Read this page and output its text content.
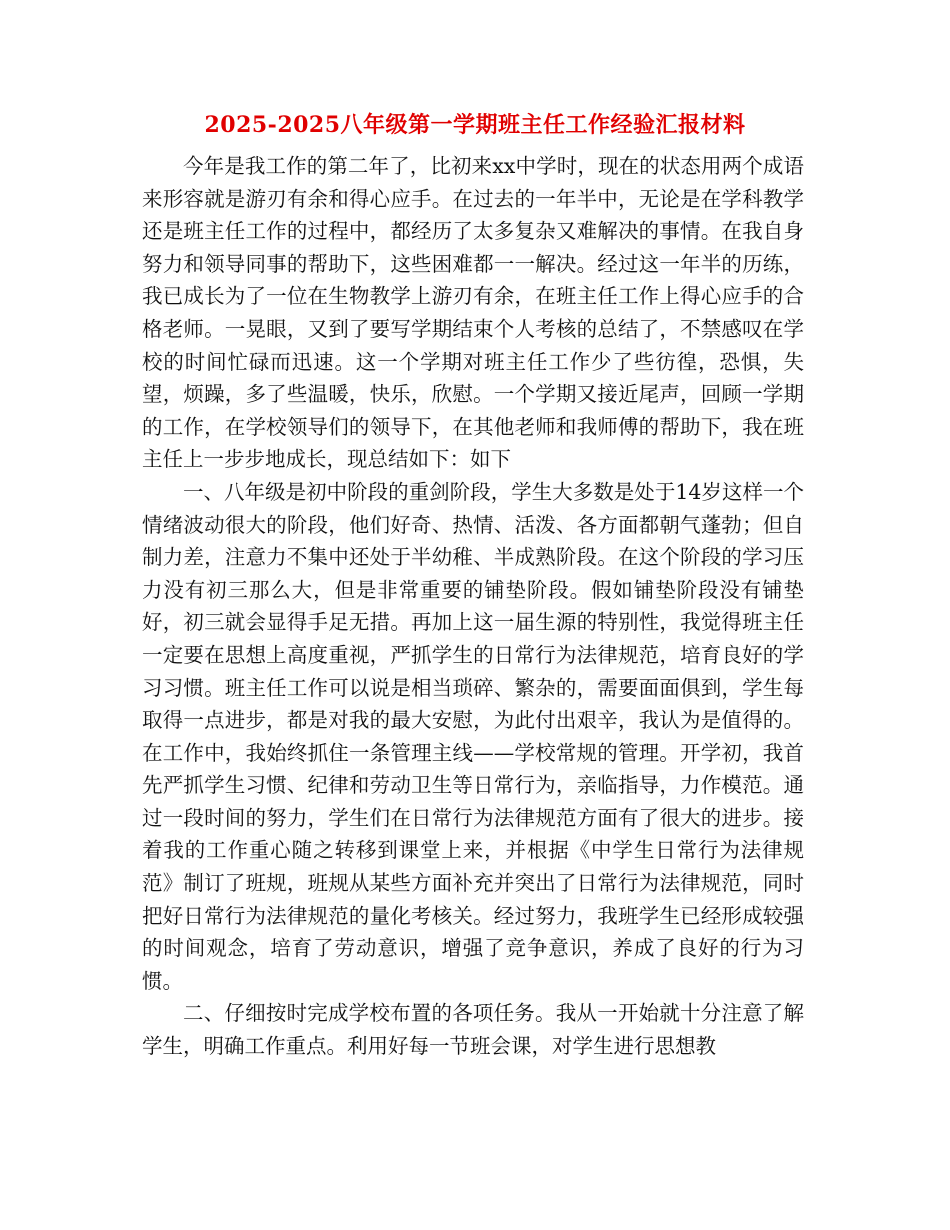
2025-2025八年级第一学期班主任工作经验汇报材料

今年是我工作的第二年了，比初来xx中学时，现在的状态用两个成语来形容就是游刃有余和得心应手。在过去的一年半中，无论是在学科教学还是班主任工作的过程中，都经历了太多复杂又难解决的事情。在我自身努力和领导同事的帮助下，这些困难都一一解决。经过这一年半的历练，我已成长为了一位在生物教学上游刃有余，在班主任工作上得心应手的合格老师。一晃眼，又到了要写学期结束个人考核的总结了，不禁感叹在学校的时间忙碌而迅速。这一个学期对班主任工作少了些彷徨，恐惧，失望，烦躁，多了些温暖，快乐，欣慰。一个学期又接近尾声，回顾一学期的工作，在学校领导们的领导下，在其他老师和我师傅的帮助下，我在班主任上一步步地成长，现总结如下：如下

一、八年级是初中阶段的重剑阶段，学生大多数是处于14岁这样一个情绪波动很大的阶段，他们好奇、热情、活泼、各方面都朝气蓬勃；但自制力差，注意力不集中还处于半幼稚、半成熟阶段。在这个阶段的学习压力没有初三那么大，但是非常重要的铺垫阶段。假如铺垫阶段没有铺垫好，初三就会显得手足无措。再加上这一届生源的特别性，我觉得班主任一定要在思想上高度重视，严抓学生的日常行为法律规范，培育良好的学习习惯。班主任工作可以说是相当琐碎、繁杂的，需要面面俱到，学生每取得一点进步，都是对我的最大安慰，为此付出艰辛，我认为是值得的。在工作中，我始终抓住一条管理主线——学校常规的管理。开学初，我首先严抓学生习惯、纪律和劳动卫生等日常行为，亲临指导，力作模范。通过一段时间的努力，学生们在日常行为法律规范方面有了很大的进步。接着我的工作重心随之转移到课堂上来，并根据《中学生日常行为法律规范》制订了班规，班规从某些方面补充并突出了日常行为法律规范，同时把好日常行为法律规范的量化考核关。经过努力，我班学生已经形成较强的时间观念，培育了劳动意识，增强了竞争意识，养成了良好的行为习惯。

二、仔细按时完成学校布置的各项任务。我从一开始就十分注意了解学生，明确工作重点。利用好每一节班会课，对学生进行思想教
